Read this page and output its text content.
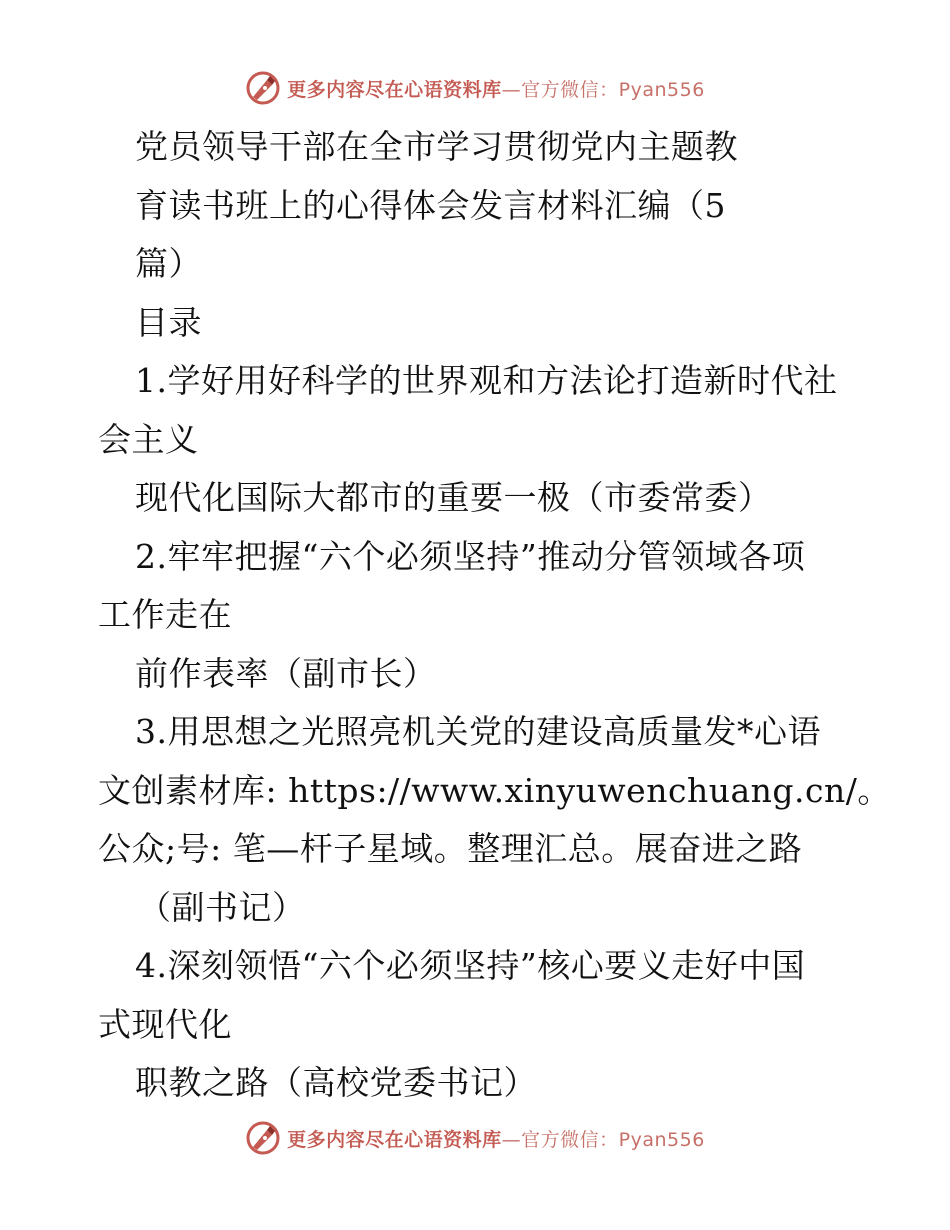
更多内容尽在心语资料库—官方微信：Pyan556
党员领导干部在全市学习贯彻党内主题教
育读书班上的心得体会发言材料汇编（5
篇）
目录
1.学好用好科学的世界观和方法论打造新时代社
会主义
现代化国际大都市的重要一极（市委常委）
2.牢牢把握“六个必须坚持”推动分管领域各项
工作走在
前作表率（副市长）
3.用思想之光照亮机关党的建设高质量发*心语
文创素材库: https://www.xinyuwenchuang.cn/。
公众;号: 笔—杆子星域。整理汇总。展奋进之路
（副书记）
4.深刻领悟“六个必须坚持”核心要义走好中国
式现代化
职教之路（高校党委书记）
更多内容尽在心语资料库—官方微信：Pyan556
